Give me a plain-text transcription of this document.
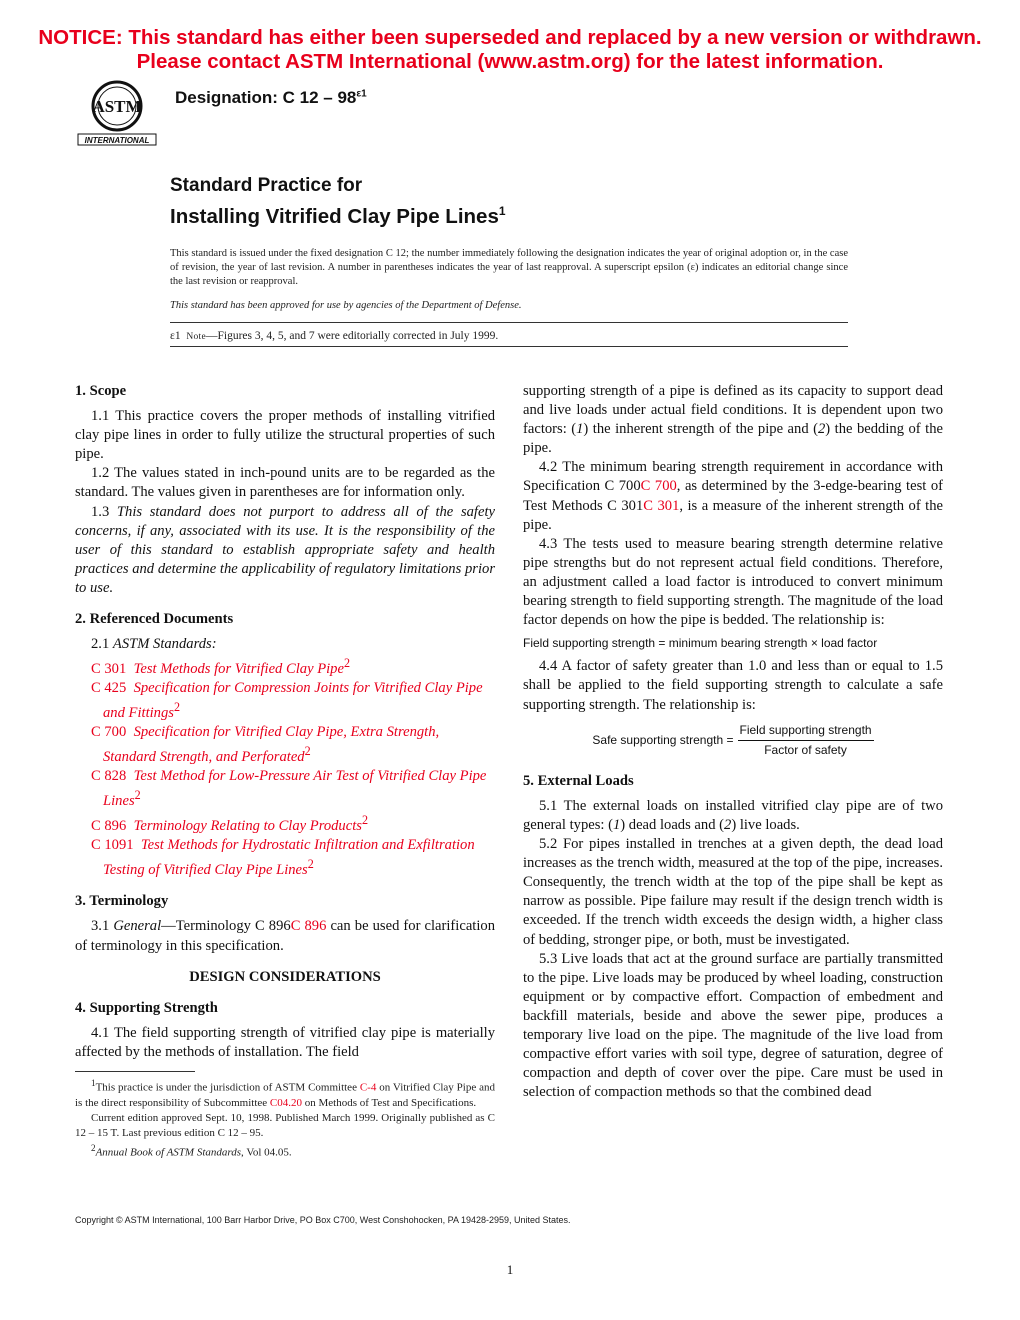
NOTICE: This standard has either been superseded and replaced by a new version or withdrawn.
Please contact ASTM International (www.astm.org) for the latest information.
ASTM
INTERNATIONAL
Designation: C $12 - 98^{\varepsilon 1}$
Standard Practice for
Installing Vitrified Clay Pipe Lines$^1$
This standard is issued under the fixed designation C 12; the number immediately following the designation indicates the year of original adoption or, in the case of revision, the year of last revision. A number in parentheses indicates the year of last reapproval. A superscript epsilon (ε) indicates an editorial change since the last revision or reapproval.
This standard has been approved for use by agencies of the Department of Defense.
ε1 Note—Figures 3, 4, 5, and 7 were editorially corrected in July 1999.

1. Scope

1.1 This practice covers the proper methods of installing vitrified clay pipe lines in order to fully utilize the structural properties of such pipe.

1.2 The values stated in inch-pound units are to be regarded as the standard. The values given in parentheses are for information only.

1.3 This standard does not purport to address all of the safety concerns, if any, associated with its use. It is the responsibility of the user of this standard to establish appropriate safety and health practices and determine the applicability of regulatory limitations prior to use.

2. Referenced Documents

2.1 ASTM Standards:

C 301 Test Methods for Vitrified Clay Pipe$^2$

C 425 Specification for Compression Joints for Vitrified Clay Pipe and Fittings$^2$

C 700 Specification for Vitrified Clay Pipe, Extra Strength, Standard Strength, and Perforated$^2$

C 828 Test Method for Low-Pressure Air Test of Vitrified Clay Pipe Lines$^2$

C 896 Terminology Relating to Clay Products$^2$

C 1091 Test Methods for Hydrostatic Infiltration and Exfiltration Testing of Vitrified Clay Pipe Lines$^2$

3. Terminology

3.1 General—Terminology C 896C 896 can be used for clarification of terminology in this specification.

DESIGN CONSIDERATIONS

4. Supporting Strength

4.1 The field supporting strength of vitrified clay pipe is materially affected by the methods of installation. The field

$^1$This practice is under the jurisdiction of ASTM Committee C-4 on Vitrified Clay Pipe and is the direct responsibility of Subcommittee C04.20 on Methods of Test and Specifications.

Current edition approved Sept. 10, 1998. Published March 1999. Originally published as C 12 – 15 T. Last previous edition C 12 – 95.

$^2$Annual Book of ASTM Standards, Vol 04.05.

supporting strength of a pipe is defined as its capacity to support dead and live loads under actual field conditions. It is dependent upon two factors: (1) the inherent strength of the pipe and (2) the bedding of the pipe.

4.2 The minimum bearing strength requirement in accordance with Specification C 700C 700, as determined by the 3-edge-bearing test of Test Methods C 301C 301, is a measure of the inherent strength of the pipe.

4.3 The tests used to measure bearing strength determine relative pipe strengths but do not represent actual field conditions. Therefore, an adjustment called a load factor is introduced to convert minimum bearing strength to field supporting strength. The magnitude of the load factor depends on how the pipe is bedded. The relationship is:

Field supporting strength = minimum bearing strength × load factor

4.4 A factor of safety greater than 1.0 and less than or equal to 1.5 shall be applied to the field supporting strength to calculate a safe supporting strength. The relationship is:

Safe supporting strength = $\frac{\text{Field supporting strength}}{\text{Factor of safety}}$

5. External Loads

5.1 The external loads on installed vitrified clay pipe are of two general types: (1) dead loads and (2) live loads.

5.2 For pipes installed in trenches at a given depth, the dead load increases as the trench width, measured at the top of the pipe, increases. Consequently, the trench width at the top of the pipe shall be kept as narrow as possible. Pipe failure may result if the design trench width is exceeded. If the trench width exceeds the design width, a higher class of bedding, stronger pipe, or both, must be investigated.

5.3 Live loads that act at the ground surface are partially transmitted to the pipe. Live loads may be produced by wheel loading, construction equipment or by compactive effort. Compaction of embedment and backfill materials, beside and above the sewer pipe, produces a temporary live load on the pipe. The magnitude of the live load from compactive effort varies with soil type, degree of saturation, degree of compaction and depth of cover over the pipe. Care must be used in selection of compaction methods so that the combined dead

Copyright © ASTM International, 100 Barr Harbor Drive, PO Box C700, West Conshohocken, PA 19428-2959, United States.
1
